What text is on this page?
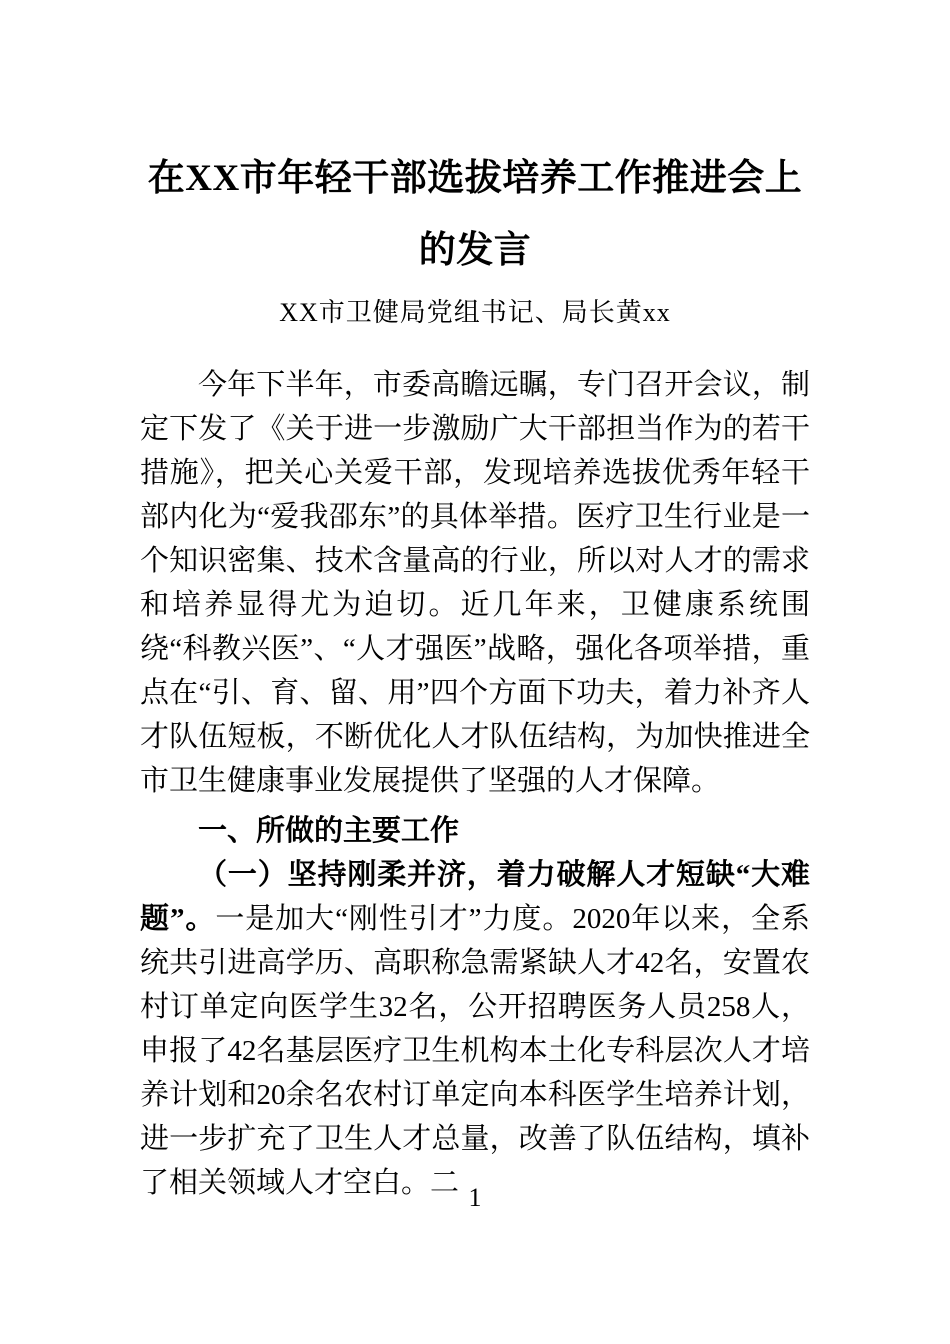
在XX市年轻干部选拔培养工作推进会上的发言

XX市卫健局党组书记、局长黄xx

今年下半年，市委高瞻远瞩，专门召开会议，制定下发了《关于进一步激励广大干部担当作为的若干措施》，把关心关爱干部，发现培养选拔优秀年轻干部内化为“爱我邵东”的具体举措。医疗卫生行业是一个知识密集、技术含量高的行业，所以对人才的需求和培养显得尤为迫切。近几年来，卫健康系统围绕“科教兴医”、“人才强医”战略，强化各项举措，重点在“引、育、留、用”四个方面下功夫，着力补齐人才队伍短板，不断优化人才队伍结构，为加快推进全市卫生健康事业发展提供了坚强的人才保障。

一、所做的主要工作

（一）坚持刚柔并济，着力破解人才短缺“大难题”。一是加大“刚性引才”力度。2020年以来，全系统共引进高学历、高职称急需紧缺人才42名，安置农村订单定向医学生32名，公开招聘医务人员258人，申报了42名基层医疗卫生机构本土化专科层次人才培养计划和20余名农村订单定向本科医学生培养计划，进一步扩充了卫生人才总量，改善了队伍结构，填补了相关领域人才空白。二 1
